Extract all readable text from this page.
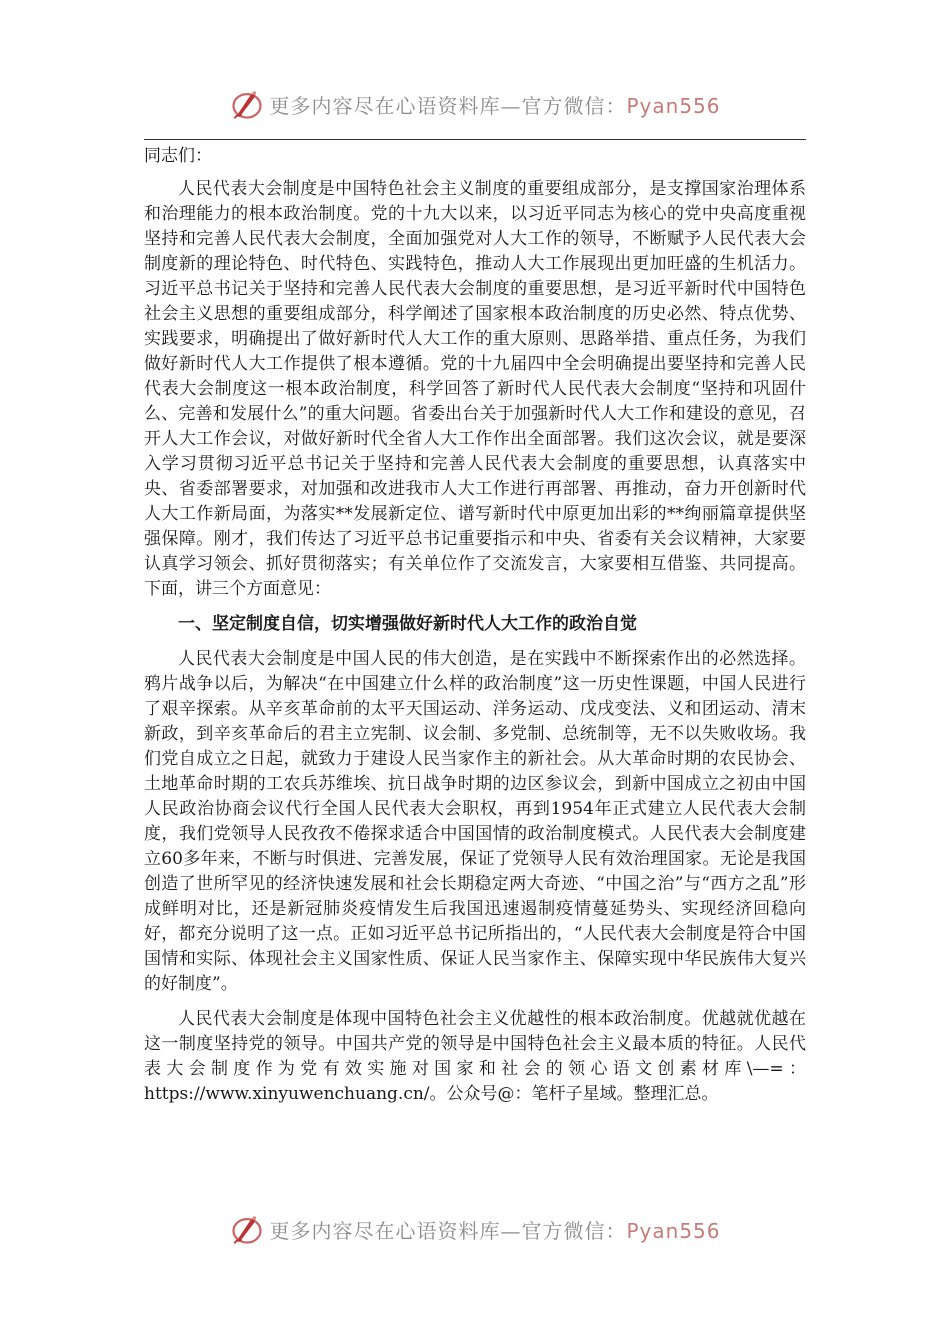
更多内容尽在心语资料库—官方微信：Pyan556

同志们：

人民代表大会制度是中国特色社会主义制度的重要组成部分，是支撑国家治理体系和治理能力的根本政治制度。党的十九大以来，以习近平同志为核心的党中央高度重视坚持和完善人民代表大会制度，全面加强党对人大工作的领导，不断赋予人民代表大会制度新的理论特色、时代特色、实践特色，推动人大工作展现出更加旺盛的生机活力。习近平总书记关于坚持和完善人民代表大会制度的重要思想，是习近平新时代中国特色社会主义思想的重要组成部分，科学阐述了国家根本政治制度的历史必然、特点优势、实践要求，明确提出了做好新时代人大工作的重大原则、思路举措、重点任务，为我们做好新时代人大工作提供了根本遵循。党的十九届四中全会明确提出要坚持和完善人民代表大会制度这一根本政治制度，科学回答了新时代人民代表大会制度“坚持和巩固什么、完善和发展什么”的重大问题。省委出台关于加强新时代人大工作和建设的意见，召开人大工作会议，对做好新时代全省人大工作作出全面部署。我们这次会议，就是要深入学习贯彻习近平总书记关于坚持和完善人民代表大会制度的重要思想，认真落实中央、省委部署要求，对加强和改进我市人大工作进行再部署、再推动，奋力开创新时代人大工作新局面，为落实**发展新定位、谱写新时代中原更加出彩的**绚丽篇章提供坚强保障。刚才，我们传达了习近平总书记重要指示和中央、省委有关会议精神，大家要认真学习领会、抓好贯彻落实；有关单位作了交流发言，大家要相互借鉴、共同提高。下面，讲三个方面意见：

一、坚定制度自信，切实增强做好新时代人大工作的政治自觉

人民代表大会制度是中国人民的伟大创造，是在实践中不断探索作出的必然选择。鸦片战争以后，为解决“在中国建立什么样的政治制度”这一历史性课题，中国人民进行了艰辛探索。从辛亥革命前的太平天国运动、洋务运动、戊戌变法、义和团运动、清末新政，到辛亥革命后的君主立宪制、议会制、多党制、总统制等，无不以失败收场。我们党自成立之日起，就致力于建设人民当家作主的新社会。从大革命时期的农民协会、土地革命时期的工农兵苏维埃、抗日战争时期的边区参议会，到新中国成立之初由中国人民政治协商会议代行全国人民代表大会职权，再到1954年正式建立人民代表大会制度，我们党领导人民孜孜不倦探求适合中国国情的政治制度模式。人民代表大会制度建立60多年来，不断与时俱进、完善发展，保证了党领导人民有效治理国家。无论是我国创造了世所罕见的经济快速发展和社会长期稳定两大奇迹、“中国之治”与“西方之乱”形成鲜明对比，还是新冠肺炎疫情发生后我国迅速遏制疫情蔓延势头、实现经济回稳向好，都充分说明了这一点。正如习近平总书记所指出的，“人民代表大会制度是符合中国国情和实际、体现社会主义国家性质、保证人民当家作主、保障实现中华民族伟大复兴的好制度”。

人民代表大会制度是体现中国特色社会主义优越性的根本政治制度。优越就优越在这一制度坚持党的领导。中国共产党的领导是中国特色社会主义最本质的特征。人民代表大会制度作为党有效实施对国家和社会的领心语文创素材库\—=：https://www.xinyuwenchuang.cn/。公众号@：笔杆子星域。整理汇总。

更多内容尽在心语资料库—官方微信：Pyan556
